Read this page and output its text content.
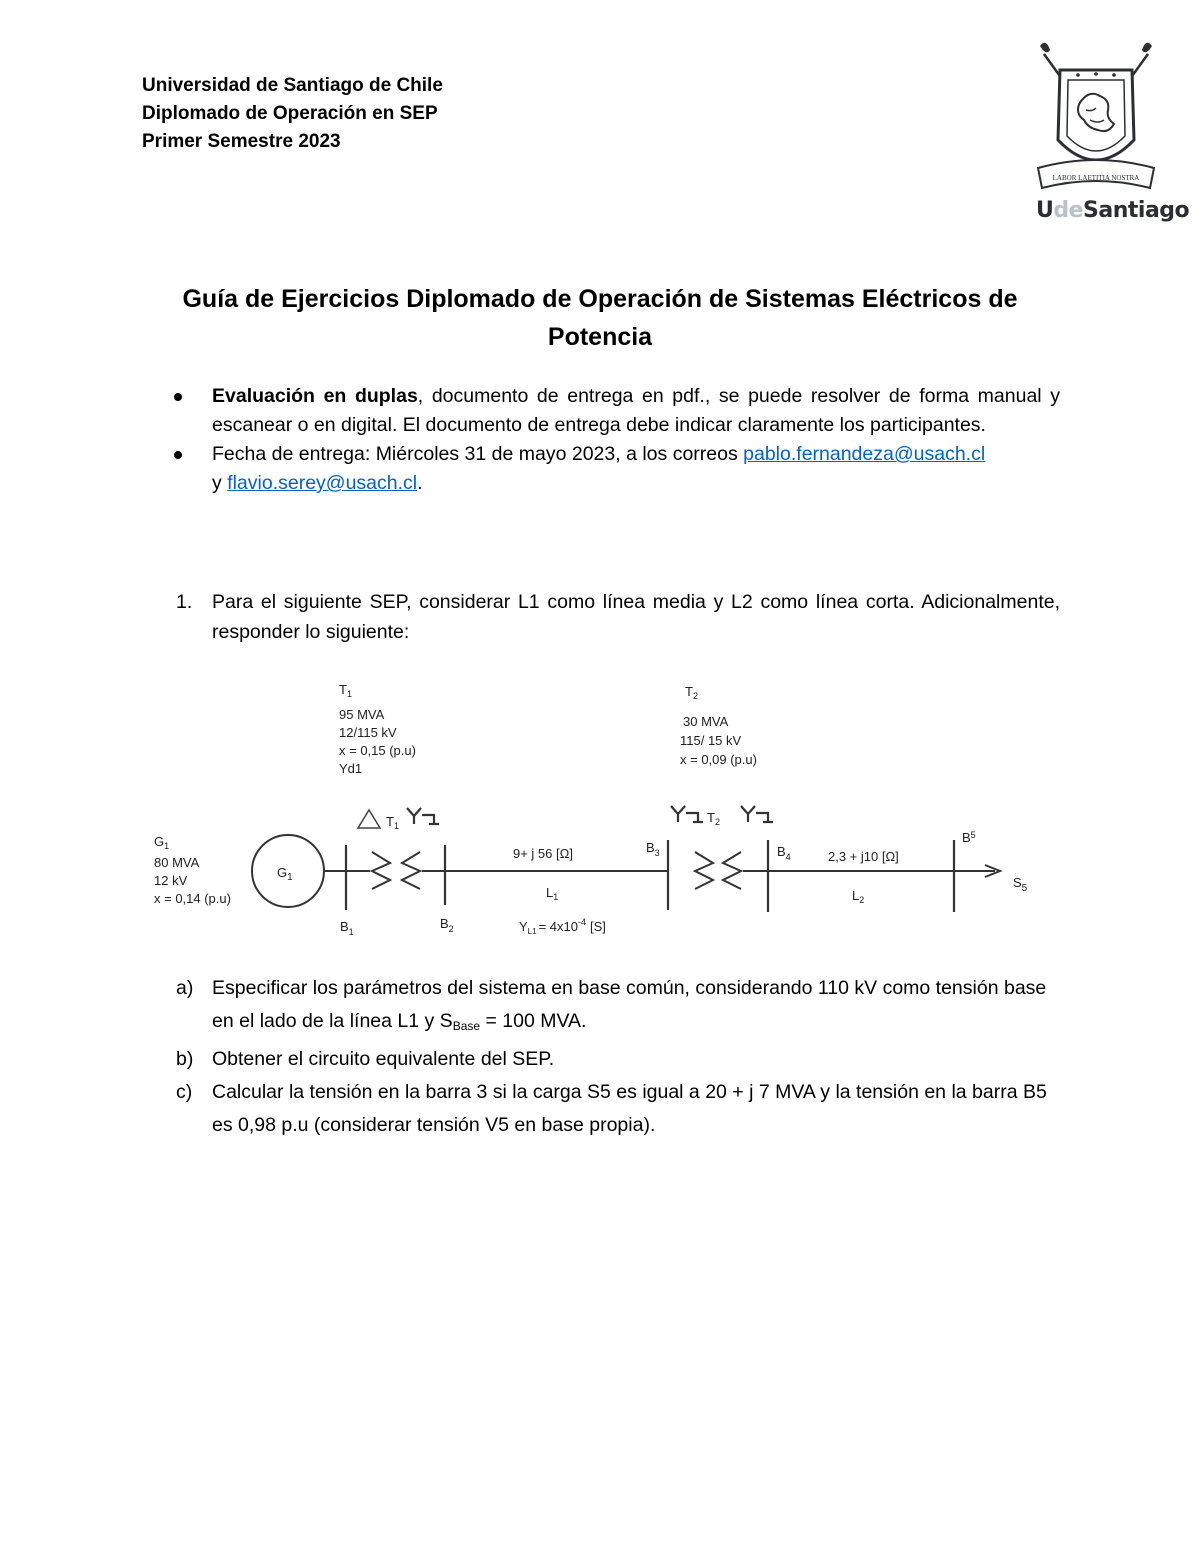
Universidad de Santiago de Chile
Diplomado de Operación en SEP
Primer Semestre 2023
LABOR LAETITIA NOSTRA
UdeSantiago
Guía de Ejercicios Diplomado de Operación de Sistemas Eléctricos de
Potencia
Evaluación en duplas, documento de entrega en pdf., se puede resolver de forma manual y escanear o en digital. El documento de entrega debe indicar claramente los participantes.
Fecha de entrega: Miércoles 31 de mayo 2023, a los correos pablo.fernandeza@usach.cl
y flavio.serey@usach.cl.
1.	Para el siguiente SEP, considerar L1 como línea media y L2 como línea corta. Adicionalmente, responder lo siguiente:
$T_1$
95 MVA
12/115 kV
x = 0,15 (p.u)
Yd1
$T_2$
30 MVA
115/ 15 kV
x = 0,09 (p.u)
$G_1$
80 MVA
12 kV
x = 0,14 (p.u)
$T_1$
$T_2$
$G_1$
9+ j 56 [Ω]
$L_1$
$Y_{L1} = 4x10^{-4}$ [S]
2,3 + j10 [Ω]
$L_2$
$B_1$
$B_2$
$B_3$	$B_4$
$B^5$
$S_5$
a) Especificar los parámetros del sistema en base común, considerando 110 kV como tensión base en el lado de la línea L1 y $S_{Base} = 100$ MVA.
b) Obtener el circuito equivalente del SEP.
c) Calcular la tensión en la barra 3 si la carga S5 es igual a 20 + j 7 MVA y la tensión en la barra B5 es 0,98 p.u (considerar tensión V5 en base propia).
